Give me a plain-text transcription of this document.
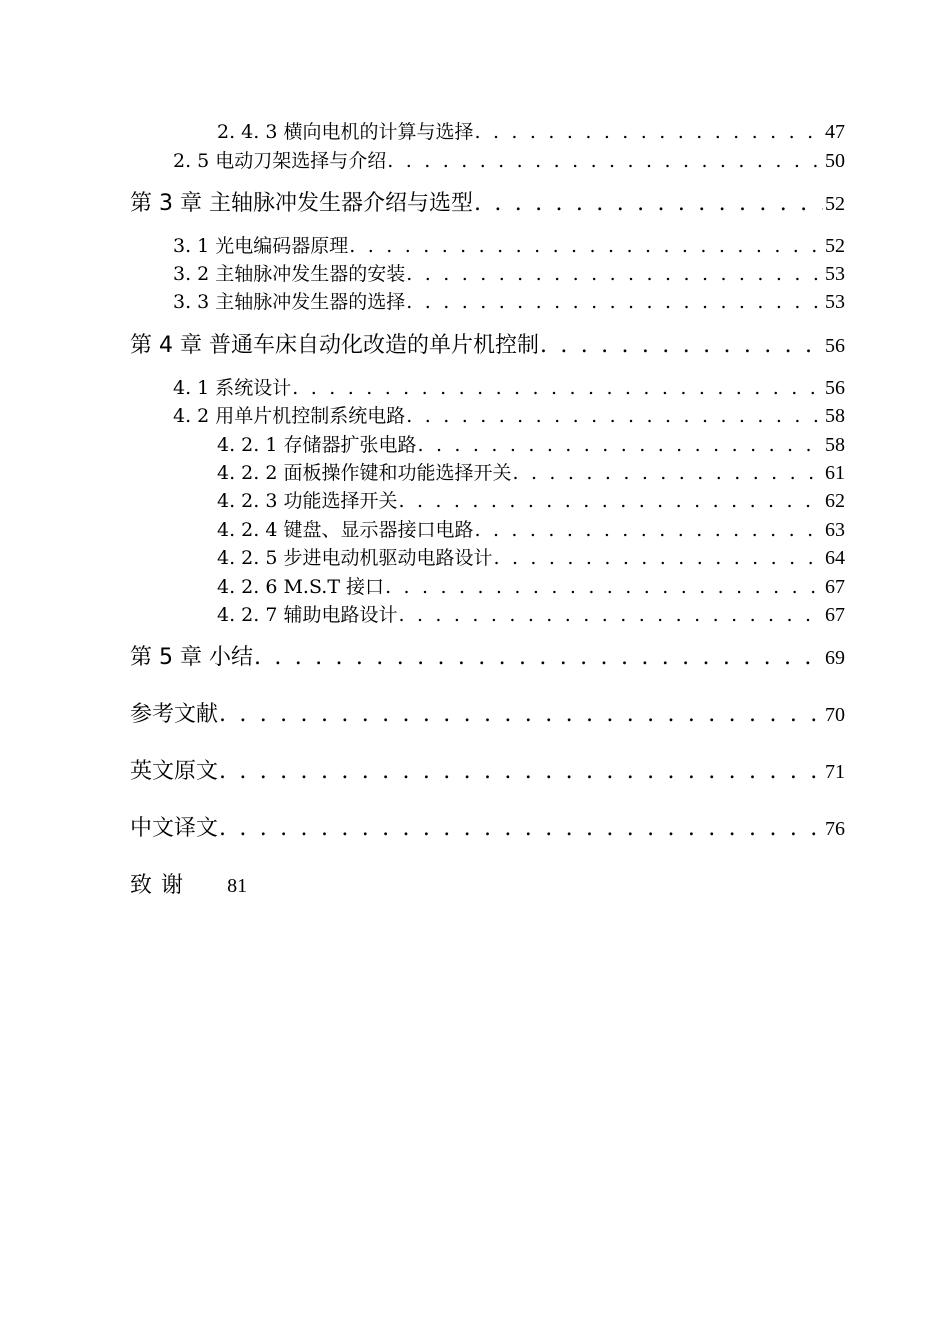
2. 4. 3 横向电机的计算与选择 . . .	47
2. 5 电动刀架选择与介绍 . . .	50
第 3 章 主轴脉冲发生器介绍与选型 . . .	52
3. 1 光电编码器原理 . . .	52
3. 2 主轴脉冲发生器的安装 . . .	53
3. 3 主轴脉冲发生器的选择 . . .	53
第 4 章 普通车床自动化改造的单片机控制 . . .	56
4. 1 系统设计 . . .	56
4. 2 用单片机控制系统电路 . . .	58
4. 2. 1 存储器扩张电路 . . .	58
4. 2. 2 面板操作键和功能选择开关 . . .	61
4. 2. 3 功能选择开关 . . .	62
4. 2. 4 键盘、显示器接口电路 . . .	63
4. 2. 5 步进电动机驱动电路设计 . . .	64
4. 2. 6 M.S.T 接口 . . .	67
4. 2. 7 辅助电路设计 . . .	67
第 5 章 小结 . . .	69
参考文献 . . .	70
英文原文 . . .	71
中文译文 . . .	76
致 谢 81
